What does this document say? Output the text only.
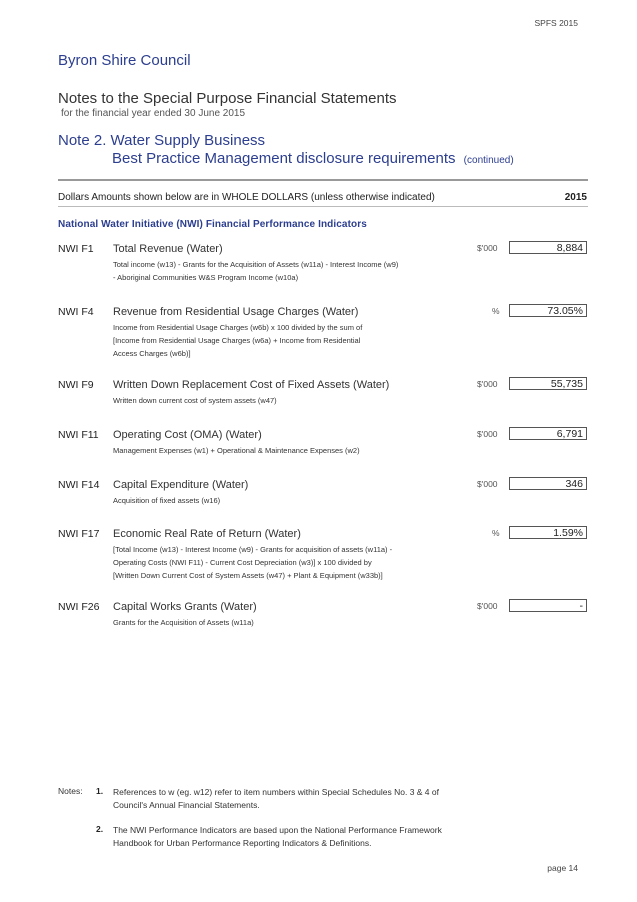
SPFS 2015
Byron Shire Council
Notes to the Special Purpose Financial Statements
for the financial year ended 30 June 2015
Note 2. Water Supply Business
Best Practice Management disclosure requirements (continued)
Dollars Amounts shown below are in WHOLE DOLLARS (unless otherwise indicated)	2015
National Water Initiative (NWI) Financial Performance Indicators
NWI F1 Total Revenue (Water)
Total income (w13) - Grants for the Acquisition of Assets (w11a) - Interest Income (w9)
- Aboriginal Communities W&S Program Income (w10a)
$'000	8,884
NWI F4 Revenue from Residential Usage Charges (Water)
Income from Residential Usage Charges (w6b) x 100 divided by the sum of
[Income from Residential Usage Charges (w6a) + Income from Residential
Access Charges (w6b)]
%	73.05%
NWI F9 Written Down Replacement Cost of Fixed Assets (Water)
Written down current cost of system assets (w47)
$'000	55,735
NWI F11 Operating Cost (OMA) (Water)
Management Expenses (w1) + Operational & Maintenance Expenses (w2)
$'000	6,791
NWI F14 Capital Expenditure (Water)
Acquisition of fixed assets (w16)
$'000	346
NWI F17 Economic Real Rate of Return (Water)
[Total Income (w13) - Interest Income (w9) - Grants for acquisition of assets (w11a) -
Operating Costs (NWI F11) - Current Cost Depreciation (w3)] x 100 divided by
[Written Down Current Cost of System Assets (w47) + Plant & Equipment (w33b)]
%	1.59%
NWI F26 Capital Works Grants (Water)
Grants for the Acquisition of Assets (w11a)
$'000	-
Notes: 1. References to w (eg. w12) refer to item numbers within Special Schedules No. 3 & 4 of
Council's Annual Financial Statements.
2. The NWI Performance Indicators are based upon the National Performance Framework
Handbook for Urban Performance Reporting Indicators & Definitions.
page 14
